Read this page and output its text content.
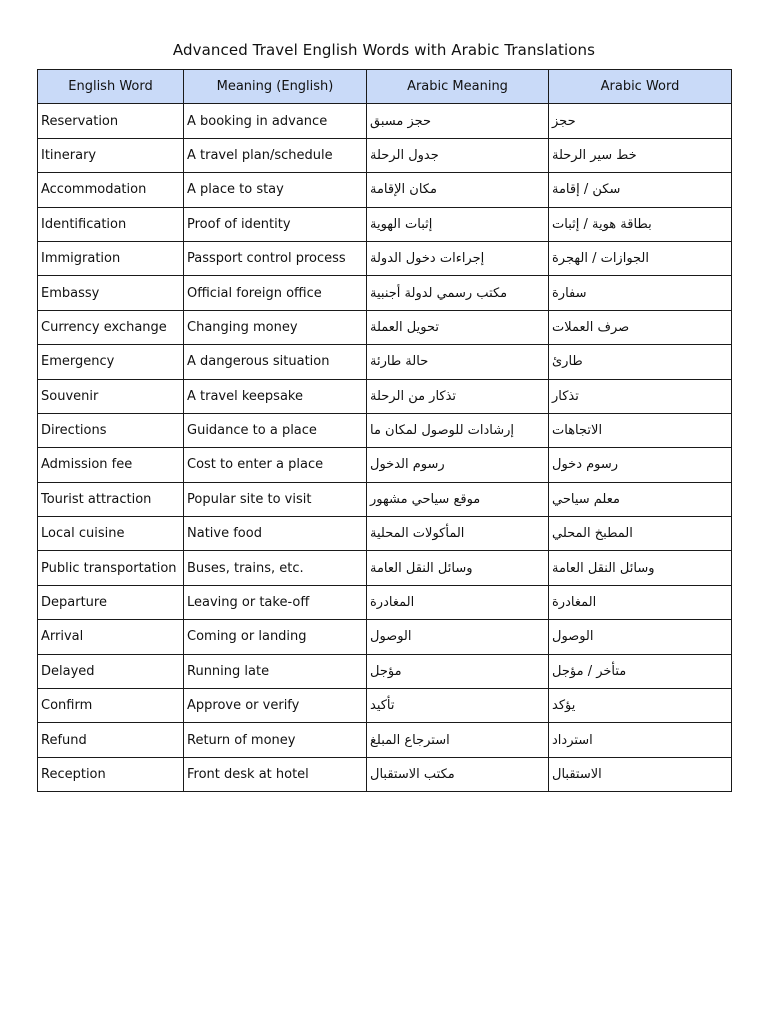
Advanced Travel English Words with Arabic Translations
English Word	Meaning (English)	Arabic Meaning	Arabic Word
Reservation	A booking in advance	حجز مسبق	حجز
Itinerary	A travel plan/schedule	جدول الرحلة	خط سير الرحلة
Accommodation	A place to stay	مكان الإقامة	سكن / إقامة
Identification	Proof of identity	إثبات الهوية	بطاقة هوية / إثبات
Immigration	Passport control process	إجراءات دخول الدولة	الجوازات / الهجرة
Embassy	Official foreign office	مكتب رسمي لدولة أجنبية	سفارة
Currency exchange	Changing money	تحويل العملة	صرف العملات
Emergency	A dangerous situation	حالة طارئة	طارئ
Souvenir	A travel keepsake	تذكار من الرحلة	تذكار
Directions	Guidance to a place	إرشادات للوصول لمكان ما	الاتجاهات
Admission fee	Cost to enter a place	رسوم الدخول	رسوم دخول
Tourist attraction	Popular site to visit	موقع سياحي مشهور	معلم سياحي
Local cuisine	Native food	المأكولات المحلية	المطبخ المحلي
Public transportation	Buses, trains, etc.	وسائل النقل العامة	وسائل النقل العامة
Departure	Leaving or take-off	المغادرة	المغادرة
Arrival	Coming or landing	الوصول	الوصول
Delayed	Running late	مؤجل	متأخر / مؤجل
Confirm	Approve or verify	تأكيد	يؤكد
Refund	Return of money	استرجاع المبلغ	استرداد
Reception	Front desk at hotel	مكتب الاستقبال	الاستقبال
